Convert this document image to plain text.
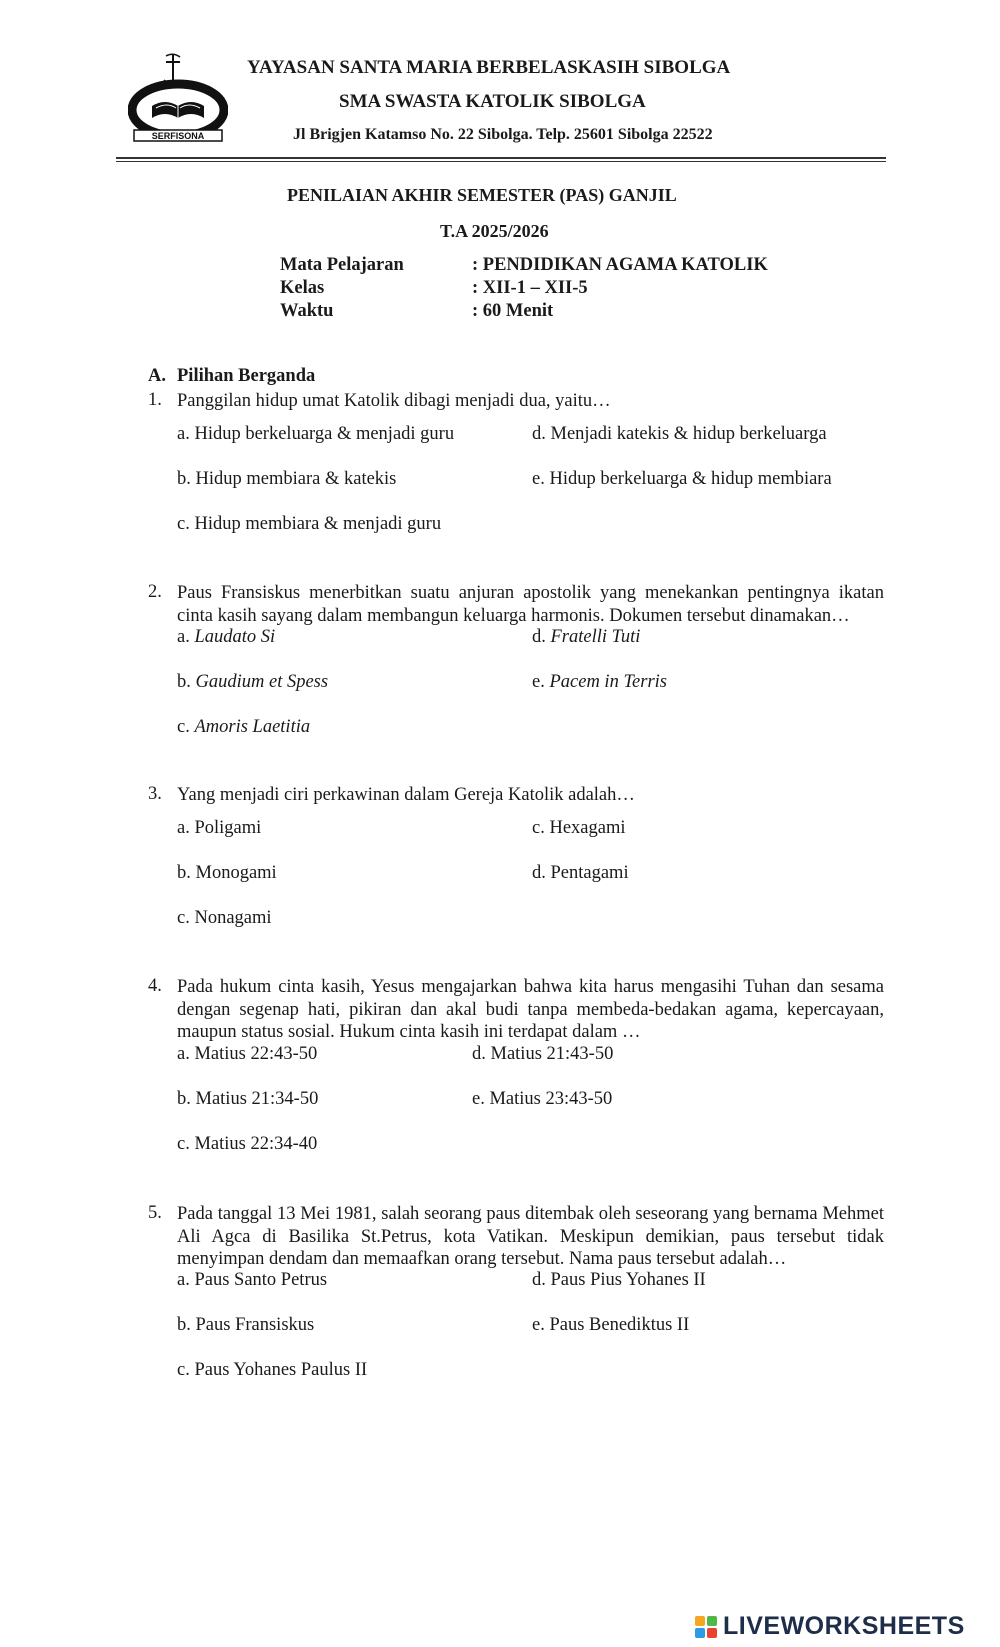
SERFISONA
YAYASAN SANTA MARIA BERBELASKASIH SIBOLGA
SMA SWASTA KATOLIK SIBOLGA
Jl Brigjen Katamso No. 22 Sibolga. Telp. 25601 Sibolga 22522
PENILAIAN AKHIR SEMESTER (PAS) GANJIL
T.A 2025/2026
Mata Pelajaran	: PENDIDIKAN AGAMA KATOLIK
Kelas	: XII-1 – XII-5
Waktu	: 60 Menit
A. Pilihan Berganda
1. Panggilan hidup umat Katolik dibagi menjadi dua, yaitu…
a. Hidup berkeluarga & menjadi guru	d. Menjadi katekis & hidup berkeluarga
b. Hidup membiara & katekis	e. Hidup berkeluarga & hidup membiara
c. Hidup membiara & menjadi guru
2. Paus Fransiskus menerbitkan suatu anjuran apostolik yang menekankan pentingnya ikatan cinta kasih sayang dalam membangun keluarga harmonis. Dokumen tersebut dinamakan…
a. Laudato Si	d. Fratelli Tuti
b. Gaudium et Spess	e. Pacem in Terris
c. Amoris Laetitia
3. Yang menjadi ciri perkawinan dalam Gereja Katolik adalah…
a. Poligami	c. Hexagami
b. Monogami	d. Pentagami
c. Nonagami
4. Pada hukum cinta kasih, Yesus mengajarkan bahwa kita harus mengasihi Tuhan dan sesama dengan segenap hati, pikiran dan akal budi tanpa membeda-bedakan agama, kepercayaan, maupun status sosial. Hukum cinta kasih ini terdapat dalam …
a. Matius 22:43-50	d. Matius 21:43-50
b. Matius 21:34-50	e. Matius 23:43-50
c. Matius 22:34-40
5. Pada tanggal 13 Mei 1981, salah seorang paus ditembak oleh seseorang yang bernama Mehmet Ali Agca di Basilika St.Petrus, kota Vatikan. Meskipun demikian, paus tersebut tidak menyimpan dendam dan memaafkan orang tersebut. Nama paus tersebut adalah…
a. Paus Santo Petrus	d. Paus Pius Yohanes II
b. Paus Fransiskus	e. Paus Benediktus II
c. Paus Yohanes Paulus II
LIVEWORKSHEETS
